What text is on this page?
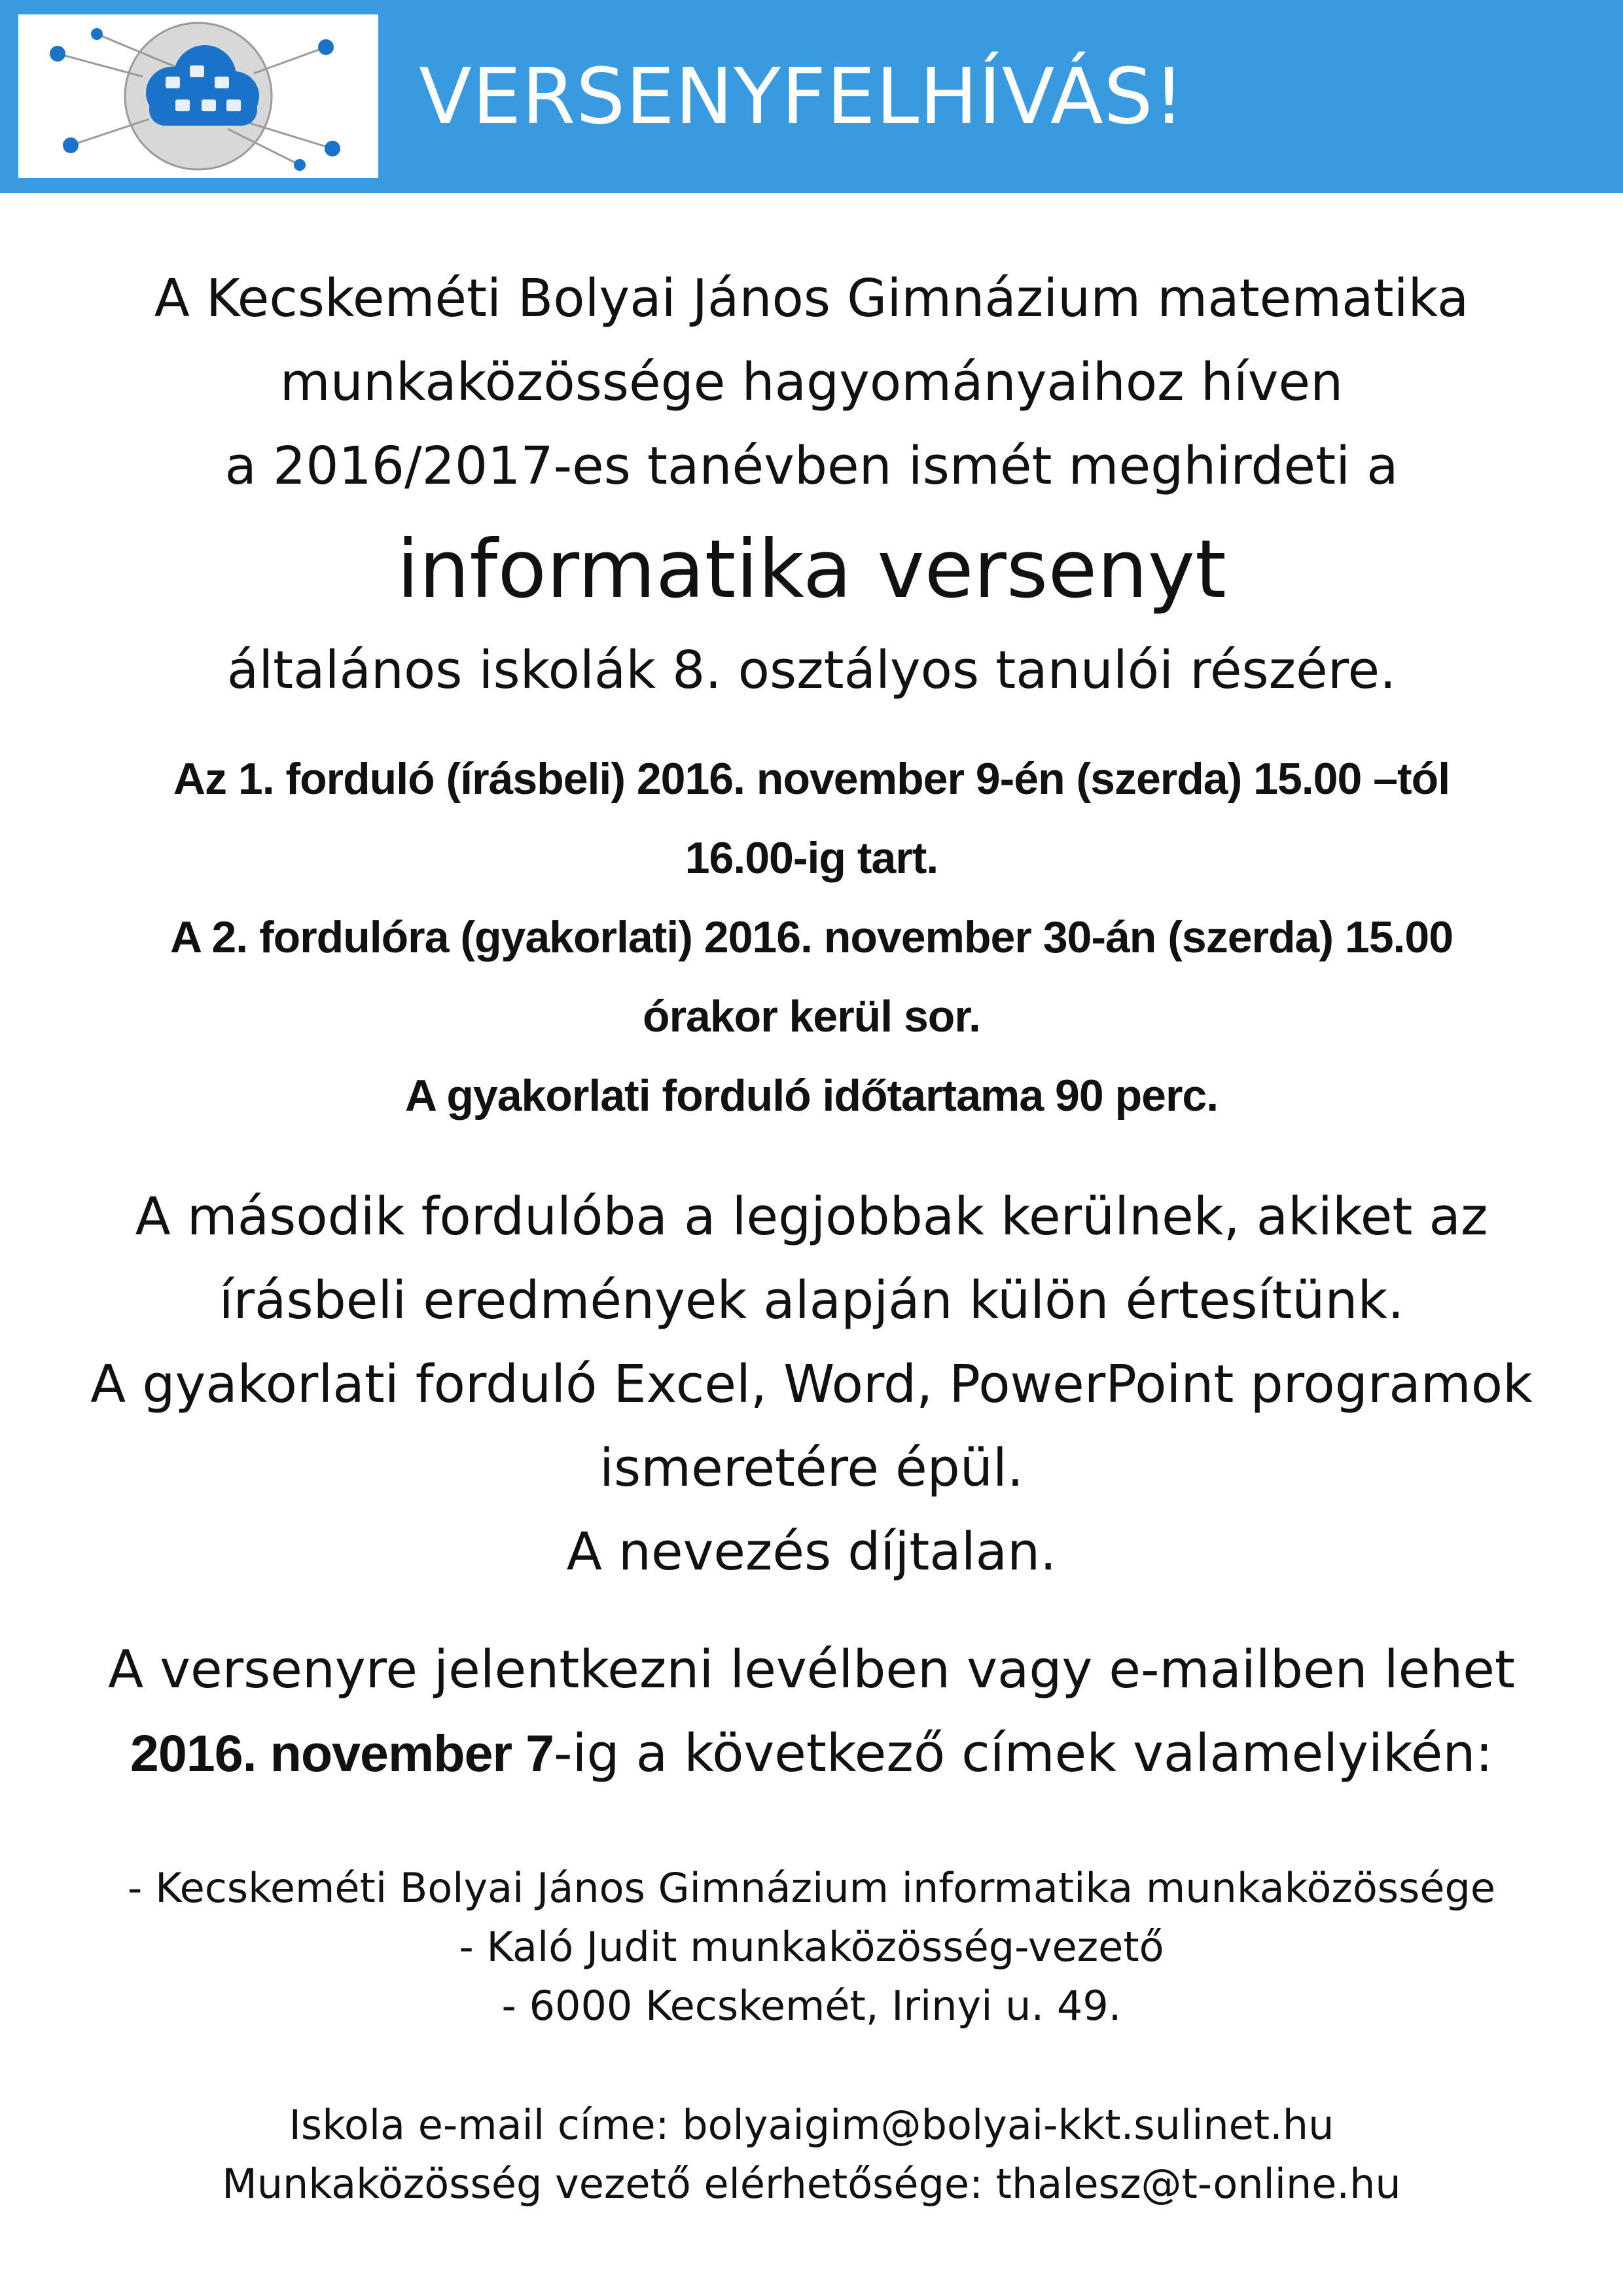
VERSENYFELHÍVÁS!
A Kecskeméti Bolyai János Gimnázium matematika
munkaközössége hagyományaihoz híven
a 2016/2017-es tanévben ismét meghirdeti a
informatika versenyt
általános iskolák 8. osztályos tanulói részére.
Az 1. forduló (írásbeli) 2016. november 9-én (szerda) 15.00 –tól
16.00-ig tart.
A 2. fordulóra (gyakorlati) 2016. november 30-án (szerda) 15.00
órakor kerül sor.
A gyakorlati forduló időtartama 90 perc.
A második fordulóba a legjobbak kerülnek, akiket az
írásbeli eredmények alapján külön értesítünk.
A gyakorlati forduló Excel, Word, PowerPoint programok
ismeretére épül.
A nevezés díjtalan.
A versenyre jelentkezni levélben vagy e-mailben lehet
2016. november 7-ig a következő címek valamelyikén:
- Kecskeméti Bolyai János Gimnázium informatika munkaközössége
- Kaló Judit munkaközösség-vezető
- 6000 Kecskemét, Irinyi u. 49.
Iskola e-mail címe: bolyaigim@bolyai-kkt.sulinet.hu
Munkaközösség vezető elérhetősége: thalesz@t-online.hu
